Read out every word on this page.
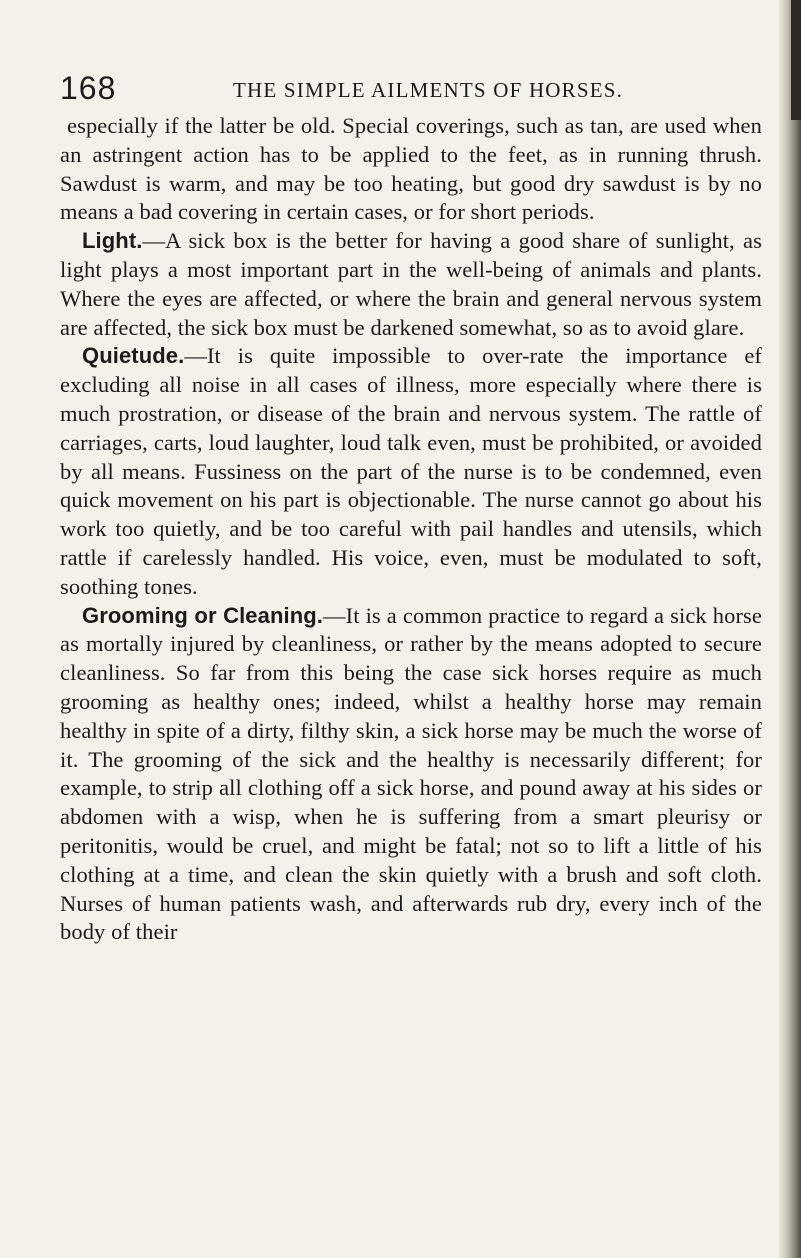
168	THE SIMPLE AILMENTS OF HORSES.

especially if the latter be old. Special coverings, such as tan, are used when an astringent action has to be applied to the feet, as in running thrush. Sawdust is warm, and may be too heating, but good dry sawdust is by no means a bad covering in certain cases, or for short periods.

Light.—A sick box is the better for having a good share of sunlight, as light plays a most important part in the well-being of animals and plants. Where the eyes are affected, or where the brain and general nervous system are affected, the sick box must be darkened somewhat, so as to avoid glare.

Quietude.—It is quite impossible to over-rate the importance ef excluding all noise in all cases of illness, more especially where there is much prostration, or disease of the brain and nervous system. The rattle of carriages, carts, loud laughter, loud talk even, must be prohibited, or avoided by all means. Fussiness on the part of the nurse is to be condemned, even quick movement on his part is objectionable. The nurse cannot go about his work too quietly, and be too careful with pail handles and utensils, which rattle if carelessly handled. His voice, even, must be modulated to soft, soothing tones.

Grooming or Cleaning.—It is a common practice to regard a sick horse as mortally injured by cleanliness, or rather by the means adopted to secure cleanliness. So far from this being the case sick horses require as much grooming as healthy ones; indeed, whilst a healthy horse may remain healthy in spite of a dirty, filthy skin, a sick horse may be much the worse of it. The grooming of the sick and the healthy is necessarily different; for example, to strip all clothing off a sick horse, and pound away at his sides or abdomen with a wisp, when he is suffering from a smart pleurisy or peritonitis, would be cruel, and might be fatal; not so to lift a little of his clothing at a time, and clean the skin quietly with a brush and soft cloth. Nurses of human patients wash, and afterwards rub dry, every inch of the body of their
